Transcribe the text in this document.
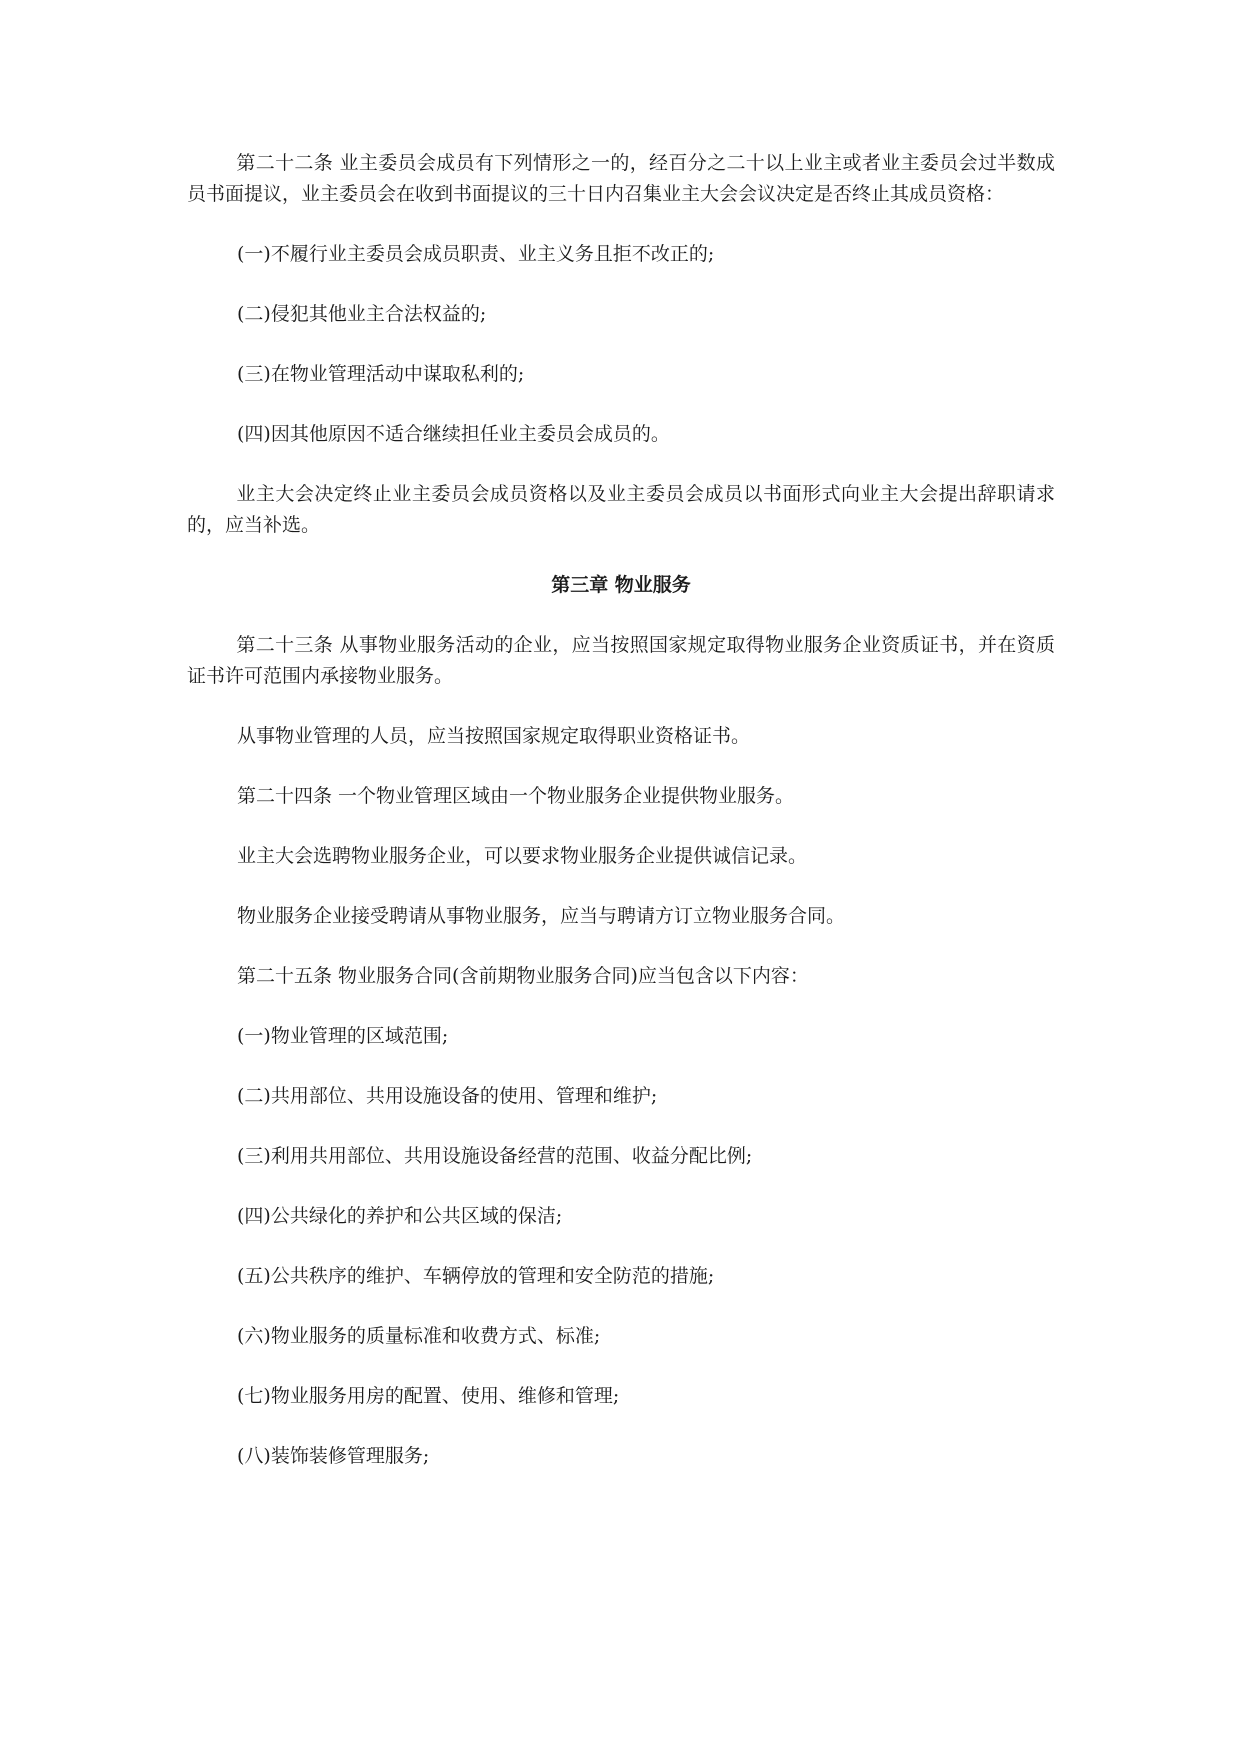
第二十二条 业主委员会成员有下列情形之一的，经百分之二十以上业主或者业主委员会过半数成员书面提议，业主委员会在收到书面提议的三十日内召集业主大会会议决定是否终止其成员资格：

(一)不履行业主委员会成员职责、业主义务且拒不改正的;

(二)侵犯其他业主合法权益的;

(三)在物业管理活动中谋取私利的;

(四)因其他原因不适合继续担任业主委员会成员的。

业主大会决定终止业主委员会成员资格以及业主委员会成员以书面形式向业主大会提出辞职请求的，应当补选。

第三章 物业服务

第二十三条 从事物业服务活动的企业，应当按照国家规定取得物业服务企业资质证书，并在资质证书许可范围内承接物业服务。

从事物业管理的人员，应当按照国家规定取得职业资格证书。

第二十四条 一个物业管理区域由一个物业服务企业提供物业服务。

业主大会选聘物业服务企业，可以要求物业服务企业提供诚信记录。

物业服务企业接受聘请从事物业服务，应当与聘请方订立物业服务合同。

第二十五条 物业服务合同(含前期物业服务合同)应当包含以下内容：

(一)物业管理的区域范围;

(二)共用部位、共用设施设备的使用、管理和维护;

(三)利用共用部位、共用设施设备经营的范围、收益分配比例;

(四)公共绿化的养护和公共区域的保洁;

(五)公共秩序的维护、车辆停放的管理和安全防范的措施;

(六)物业服务的质量标准和收费方式、标准;

(七)物业服务用房的配置、使用、维修和管理;

(八)装饰装修管理服务;
